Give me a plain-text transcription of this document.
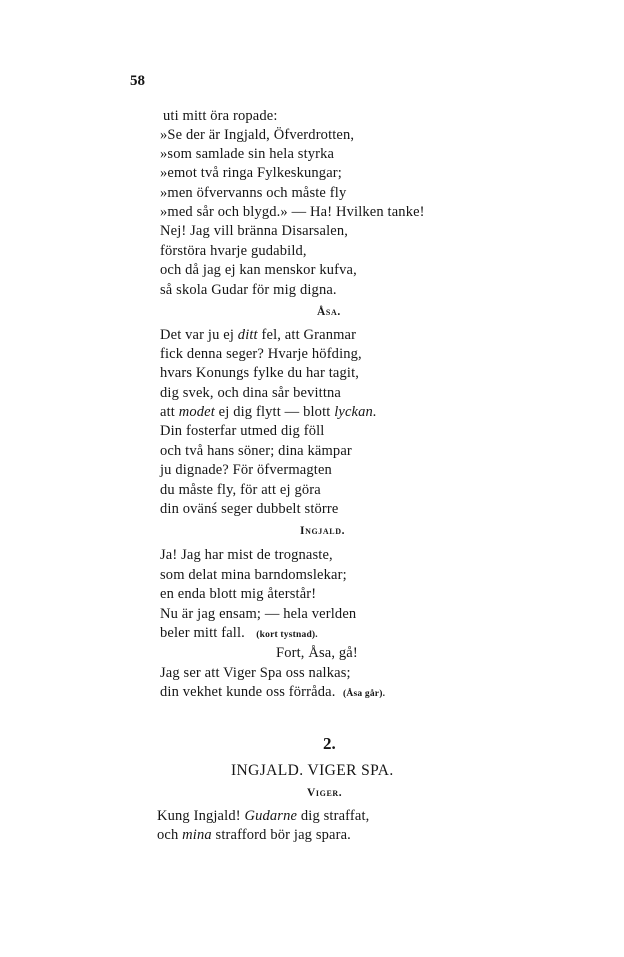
58
uti mitt öra ropade:
»Se der är Ingjald, Öfverdrotten,
»som samlade sin hela styrka
»emot två ringa Fylkeskungar;
»men öfvervanns och måste fly
»med sår och blygd.» — Ha! Hvilken tanke!
Nej! Jag vill bränna Disarsalen,
förstöra hvarje gudabild,
och då jag ej kan menskor kufva,
så skola Gudar för mig digna.
Åsa.
Det var ju ej ditt fel, att Granmar
fick denna seger? Hvarje höfding,
hvars Konungs fylke du har tagit,
dig svek, och dina sår bevittna
att modet ej dig flytt — blott lyckan.
Din fosterfar utmed dig föll
och två hans söner; dina kämpar
ju dignade? För öfvermagten
du måste fly, för att ej göra
din ovänś seger dubbelt större
Ingjald.
Ja! Jag har mist de trognaste,
som delat mina barndomslekar;
en enda blott mig återstår!
Nu är jag ensam; — hela verlden
beler mitt fall. (kort tystnad).
Fort, Åsa, gå!
Jag ser att Viger Spa oss nalkas;
din vekhet kunde oss förråda. (Åsa går).
2.
INGJALD. VIGER SPA.
Viger.
Kung Ingjald! Gudarne dig straffat,
och mina strafford bör jag spara.
